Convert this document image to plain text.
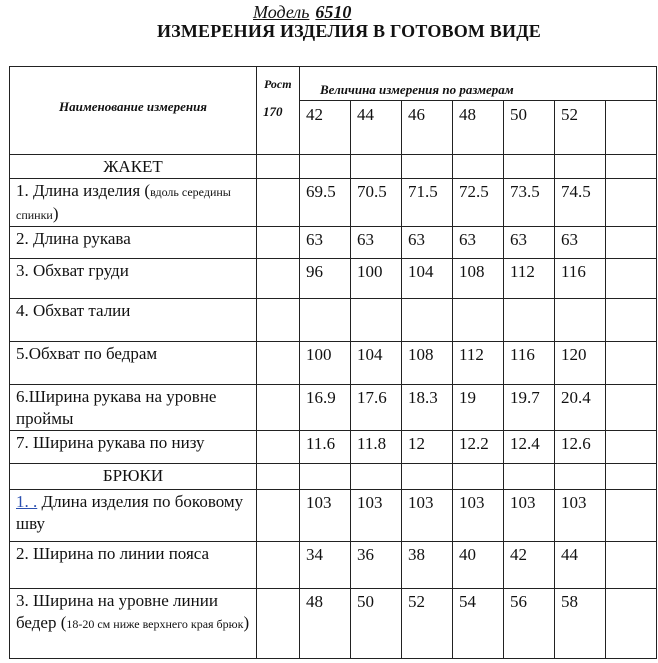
Модель 6510
ИЗМЕРЕНИЯ ИЗДЕЛИЯ В ГОТОВОМ ВИДЕ
Наименование измерения	Рост
170	Величина измерения по размерам						
		42	44	46	48	50	52	
ЖАКЕТ								
1. Длина изделия (вдоль середины спинки)		69.5	70.5	71.5	72.5	73.5	74.5	
2. Длина рукава		63	63	63	63	63	63	
3. Обхват груди		96	100	104	108	112	116	
4. Обхват талии								
5.Обхват по бедрам		100	104	108	112	116	120	
6.Ширина рукава на уровне проймы		16.9	17.6	18.3	19	19.7	20.4	
7. Ширина рукава по низу		11.6	11.8	12	12.2	12.4	12.6	
БРЮКИ								
1. . Длина изделия по боковому шву		103	103	103	103	103	103	
2. Ширина по линии пояса		34	36	38	40	42	44	
3. Ширина на уровне линии бедер (18-20 см ниже верхнего края брюк)		48	50	52	54	56	58	
